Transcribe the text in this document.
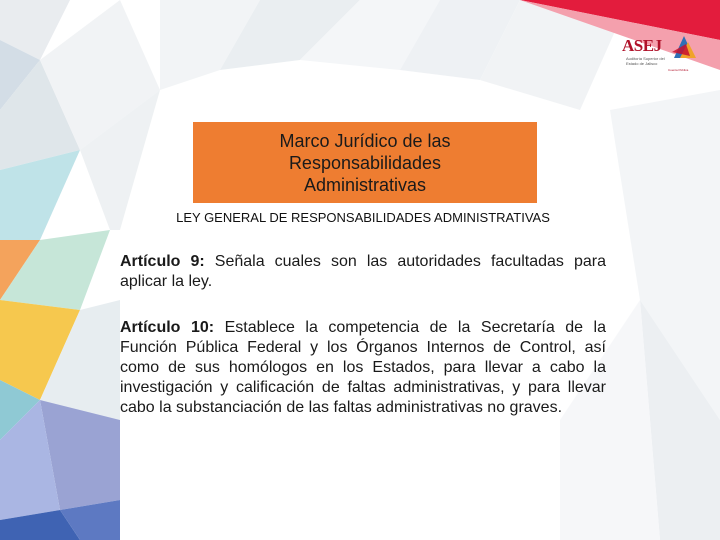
ASEJ
Auditoría Superior del Estado de Jalisco
Cuenta Pública
Marco Jurídico de las
Responsabilidades
Administrativas
LEY GENERAL DE RESPONSABILIDADES ADMINISTRATIVAS
Artículo 9: Señala cuales son las autoridades facultadas para aplicar la ley.
Artículo 10: Establece la competencia de la Secretaría de la Función Pública Federal y los Órganos Internos de Control, así como de sus homólogos en los Estados, para llevar a cabo la investigación y calificación de faltas administrativas, y para llevar cabo la substanciación de las faltas administrativas no graves.
